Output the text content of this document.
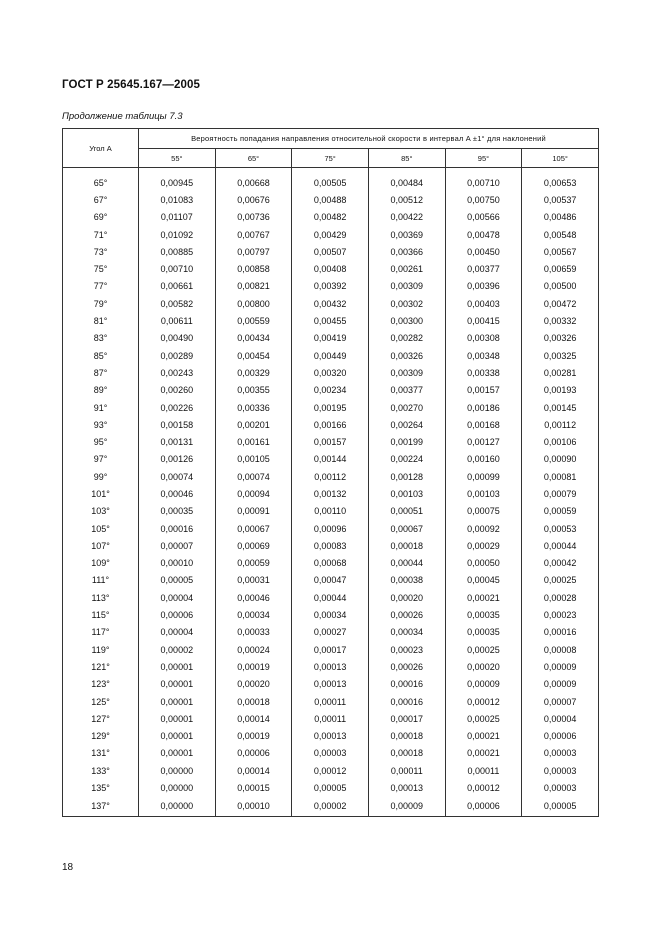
ГОСТ Р 25645.167—2005
Продолжение таблицы 7.3
Угол A	Вероятность попадания направления относительной скорости в интервал A ±1° для наклонений					
	55°	65°	75°	85°	95°	105°

65°	0,00945	0,00668	0,00505	0,00484	0,00710	0,00653
67°	0,01083	0,00676	0,00488	0,00512	0,00750	0,00537
69°	0,01107	0,00736	0,00482	0,00422	0,00566	0,00486
71°	0,01092	0,00767	0,00429	0,00369	0,00478	0,00548
73°	0,00885	0,00797	0,00507	0,00366	0,00450	0,00567
75°	0,00710	0,00858	0,00408	0,00261	0,00377	0,00659
77°	0,00661	0,00821	0,00392	0,00309	0,00396	0,00500
79°	0,00582	0,00800	0,00432	0,00302	0,00403	0,00472
81°	0,00611	0,00559	0,00455	0,00300	0,00415	0,00332
83°	0,00490	0,00434	0,00419	0,00282	0,00308	0,00326
85°	0,00289	0,00454	0,00449	0,00326	0,00348	0,00325
87°	0,00243	0,00329	0,00320	0,00309	0,00338	0,00281
89°	0,00260	0,00355	0,00234	0,00377	0,00157	0,00193
91°	0,00226	0,00336	0,00195	0,00270	0,00186	0,00145
93°	0,00158	0,00201	0,00166	0,00264	0,00168	0,00112
95°	0,00131	0,00161	0,00157	0,00199	0,00127	0,00106
97°	0,00126	0,00105	0,00144	0,00224	0,00160	0,00090
99°	0,00074	0,00074	0,00112	0,00128	0,00099	0,00081
101°	0,00046	0,00094	0,00132	0,00103	0,00103	0,00079
103°	0,00035	0,00091	0,00110	0,00051	0,00075	0,00059
105°	0,00016	0,00067	0,00096	0,00067	0,00092	0,00053
107°	0,00007	0,00069	0,00083	0,00018	0,00029	0,00044
109°	0,00010	0,00059	0,00068	0,00044	0,00050	0,00042
111°	0,00005	0,00031	0,00047	0,00038	0,00045	0,00025
113°	0,00004	0,00046	0,00044	0,00020	0,00021	0,00028
115°	0,00006	0,00034	0,00034	0,00026	0,00035	0,00023
117°	0,00004	0,00033	0,00027	0,00034	0,00035	0,00016
119°	0,00002	0,00024	0,00017	0,00023	0,00025	0,00008
121°	0,00001	0,00019	0,00013	0,00026	0,00020	0,00009
123°	0,00001	0,00020	0,00013	0,00016	0,00009	0,00009
125°	0,00001	0,00018	0,00011	0,00016	0,00012	0,00007
127°	0,00001	0,00014	0,00011	0,00017	0,00025	0,00004
129°	0,00001	0,00019	0,00013	0,00018	0,00021	0,00006
131°	0,00001	0,00006	0,00003	0,00018	0,00021	0,00003
133°	0,00000	0,00014	0,00012	0,00011	0,00011	0,00003
135°	0,00000	0,00015	0,00005	0,00013	0,00012	0,00003
137°	0,00000	0,00010	0,00002	0,00009	0,00006	0,00005
18
